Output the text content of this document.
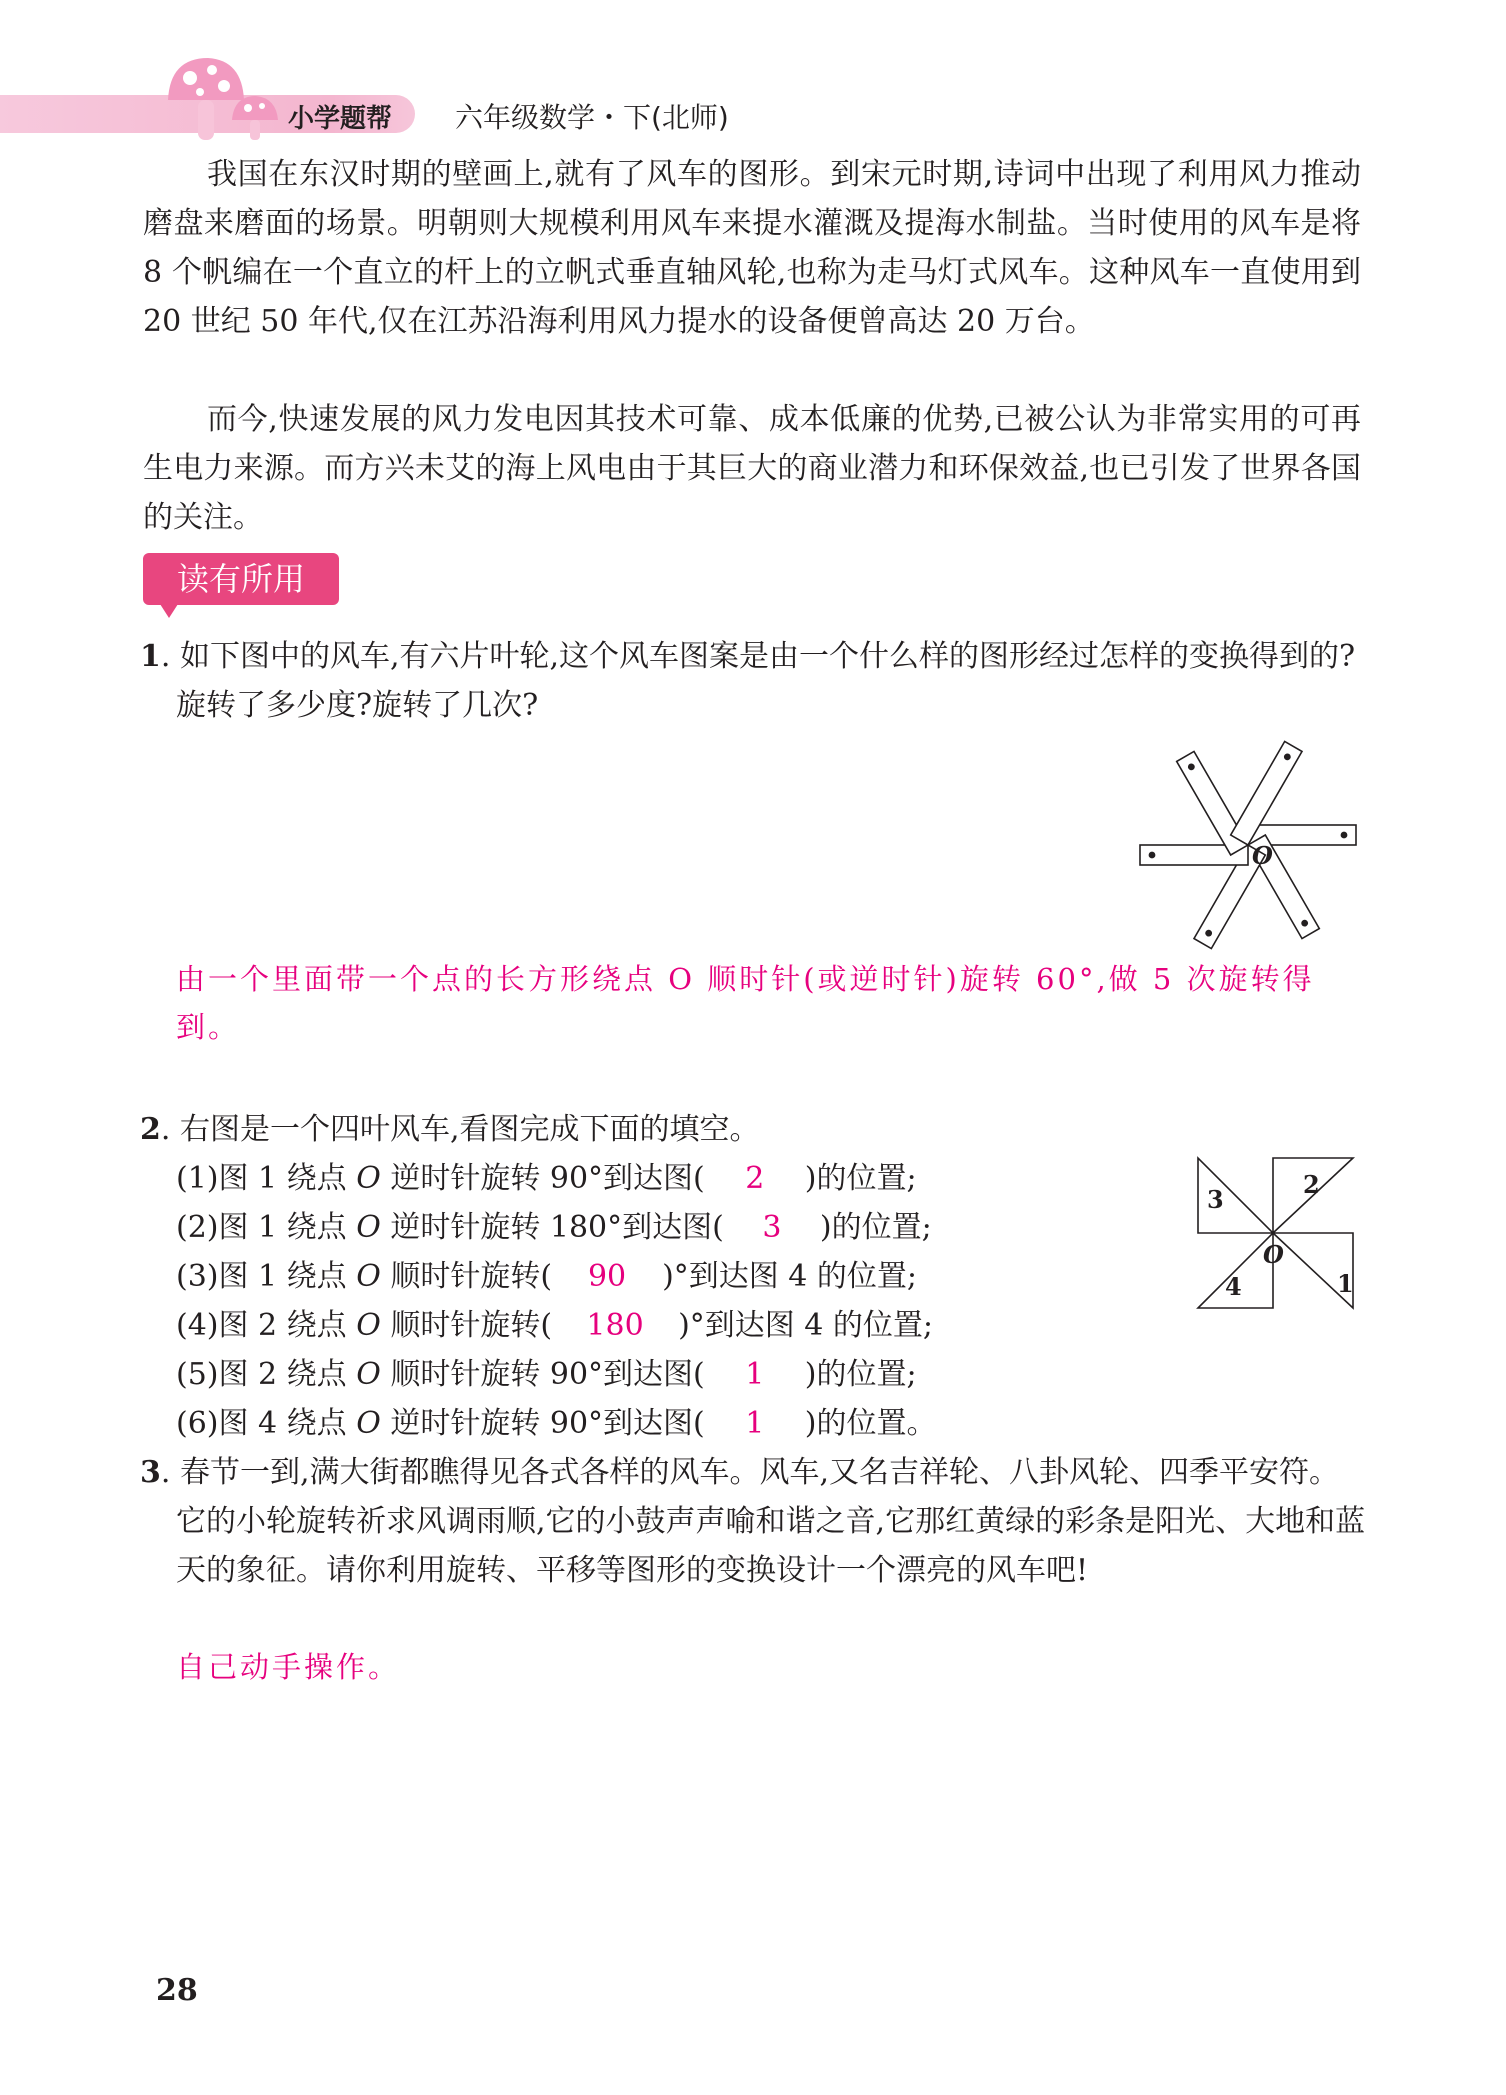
小学题帮 六年级数学・下(北师)
我国在东汉时期的壁画上,就有了风车的图形。到宋元时期,诗词中出现了利用风力推动磨盘来磨面的场景。明朝则大规模利用风车来提水灌溉及提海水制盐。当时使用的风车是将 8 个帆编在一个直立的杆上的立帆式垂直轴风轮,也称为走马灯式风车。这种风车一直使用到 20 世纪 50 年代,仅在江苏沿海利用风力提水的设备便曾高达 20 万台。
而今,快速发展的风力发电因其技术可靠、成本低廉的优势,已被公认为非常实用的可再生电力来源。而方兴未艾的海上风电由于其巨大的商业潜力和环保效益,也已引发了世界各国的关注。
读有所用
1. 如下图中的风车,有六片叶轮,这个风车图案是由一个什么样的图形经过怎样的变换得到的?旋转了多少度?旋转了几次?
O
由一个里面带一个点的长方形绕点 O 顺时针(或逆时针)旋转 60°,做 5 次旋转得到。
2. 右图是一个四叶风车,看图完成下面的填空。
(1)图 1 绕点 O 逆时针旋转 90°到达图( 2 )的位置;
(2)图 1 绕点 O 逆时针旋转 180°到达图( 3 )的位置;
(3)图 1 绕点 O 顺时针旋转( 90 )°到达图 4 的位置;
(4)图 2 绕点 O 顺时针旋转( 180 )°到达图 4 的位置;
(5)图 2 绕点 O 顺时针旋转 90°到达图( 1 )的位置;
(6)图 4 绕点 O 逆时针旋转 90°到达图( 1 )的位置。
2
3
4	1
O
3. 春节一到,满大街都瞧得见各式各样的风车。风车,又名吉祥轮、八卦风轮、四季平安符。它的小轮旋转祈求风调雨顺,它的小鼓声声喻和谐之音,它那红黄绿的彩条是阳光、大地和蓝天的象征。请你利用旋转、平移等图形的变换设计一个漂亮的风车吧!
自己动手操作。
28
